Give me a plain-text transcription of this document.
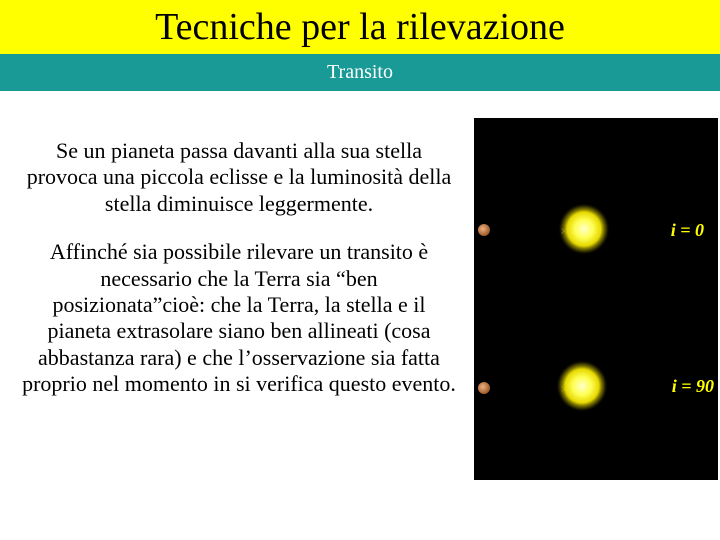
Tecniche per la rilevazione
Transito

Se un pianeta passa davanti alla sua stella provoca una piccola eclisse e la luminosità della stella diminuisce leggermente.

Affinché sia possibile rilevare un transito è necessario che la Terra sia “ben posizionata”cioè: che la Terra, la stella e il pianeta extrasolare siano ben allineati (cosa abbastanza rara) e che l’osservazione sia fatta proprio nel momento in si verifica questo evento.

i = 0
i = 90
